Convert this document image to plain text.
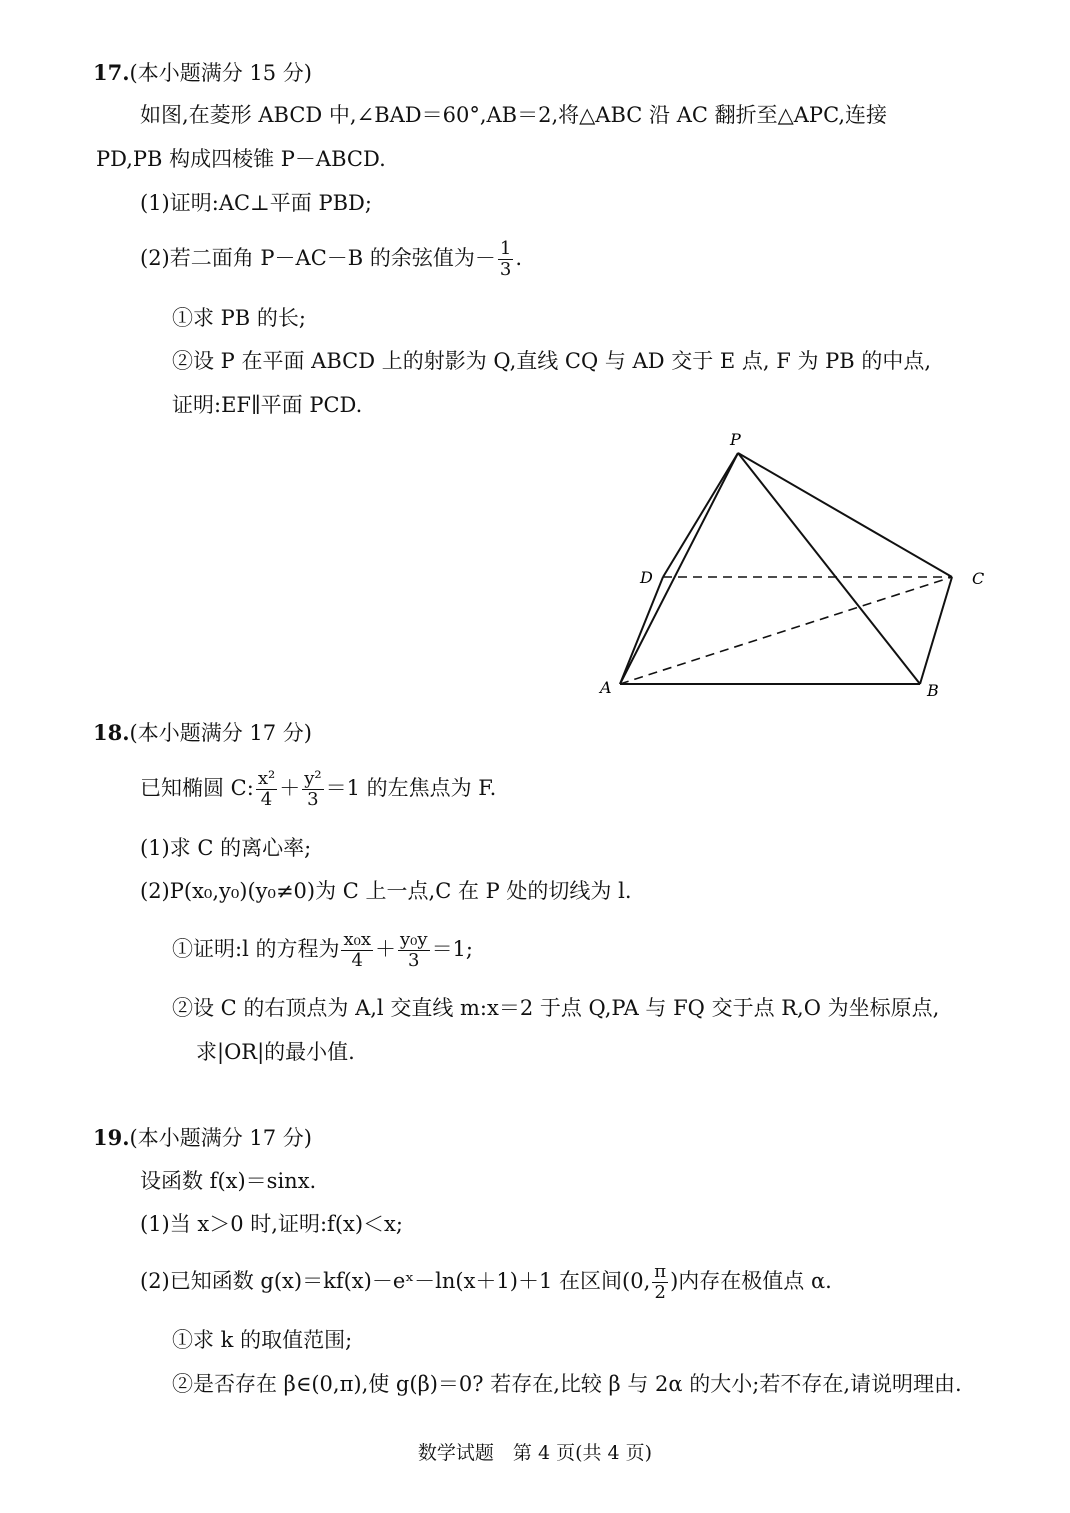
17.(本小题满分 15 分)
如图,在菱形 ABCD 中,∠BAD＝60°,AB＝2,将△ABC 沿 AC 翻折至△APC,连接
PD,PB 构成四棱锥 P－ABCD.
(1)证明:AC⊥平面 PBD;
(2)若二面角 P－AC－B 的余弦值为－ $\frac{1}{3}$ .
①求 PB 的长;
②设 P 在平面 ABCD 上的射影为 Q,直线 CQ 与 AD 交于 E 点, F 为 PB 的中点,
证明:EF∥平面 PCD.
P
D	C
A	B
18.(本小题满分 17 分)
已知椭圆 C: $\frac{\text{x²}}{4} + \frac{\text{y²}}{3} =1$ 的左焦点为 F.
(1)求 C 的离心率;
(2)P(x₀,y₀)(y₀≠0)为 C 上一点,C 在 P 处的切线为 l.
①证明:l 的方程为 $\frac{\text{x₀x}}{4} + \frac{\text{y₀y}}{3} =1$;
②设 C 的右顶点为 A,l 交直线 m:x＝2 于点 Q,PA 与 FQ 交于点 R,O 为坐标原点,
求|OR|的最小值.
19.(本小题满分 17 分)
设函数 f(x)＝sinx.
(1)当 x＞0 时,证明:f(x)＜x;
(2)已知函数 g(x)＝kf(x)－eˣ－ln(x＋1)＋1 在区间(0, $\frac{\pi}{2}$ )内存在极值点 α.
①求 k 的取值范围;
②是否存在 β∈(0,π),使 g(β)＝0? 若存在,比较 β 与 2α 的大小;若不存在,请说明理由.
数学试题　第 4 页(共 4 页)
